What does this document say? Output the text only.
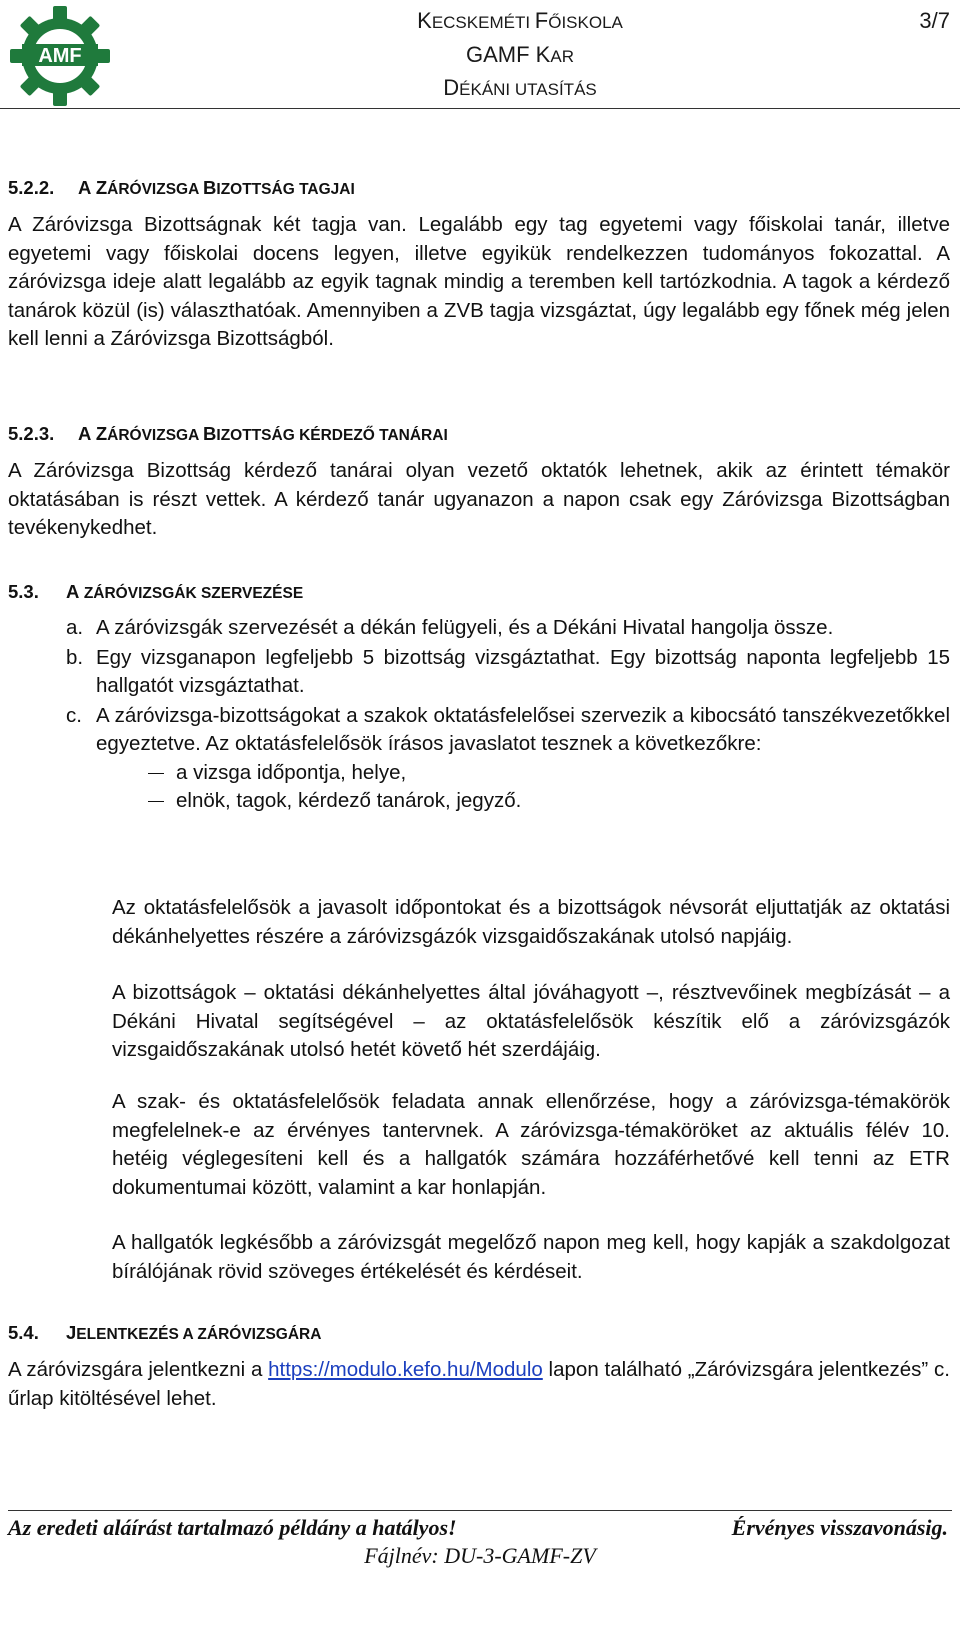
AMF
KECSKEMÉTI FŐISKOLA
GAMF KAR
DÉKÁNI UTASÍTÁS
3/7
5.2.2. A ZÁRÓVIZSGA BIZOTTSÁG TAGJAI
A Záróvizsga Bizottságnak két tagja van. Legalább egy tag egyetemi vagy főiskolai tanár, illetve egyetemi vagy főiskolai docens legyen, illetve egyikük rendelkezzen tudományos fokozattal. A záróvizsga ideje alatt legalább az egyik tagnak mindig a teremben kell tartózkodnia. A tagok a kérdező tanárok közül (is) választhatóak. Amennyiben a ZVB tagja vizsgáztat, úgy legalább egy főnek még jelen kell lenni a Záróvizsga Bizottságból.
5.2.3. A ZÁRÓVIZSGA BIZOTTSÁG KÉRDEZŐ TANÁRAI
A Záróvizsga Bizottság kérdező tanárai olyan vezető oktatók lehetnek, akik az érintett témakör oktatásában is részt vettek. A kérdező tanár ugyanazon a napon csak egy Záróvizsga Bizottságban tevékenykedhet.
5.3. A ZÁRÓVIZSGÁK SZERVEZÉSE
a. A záróvizsgák szervezését a dékán felügyeli, és a Dékáni Hivatal hangolja össze.
b. Egy vizsganapon legfeljebb 5 bizottság vizsgáztathat. Egy bizottság naponta legfeljebb 15 hallgatót vizsgáztathat.
c. A záróvizsga-bizottságokat a szakok oktatásfelelősei szervezik a kibocsátó tanszékvezetőkkel egyeztetve. Az oktatásfelelősök írásos javaslatot tesznek a következőkre:
a vizsga időpontja, helye,
elnök, tagok, kérdező tanárok, jegyző.
Az oktatásfelelősök a javasolt időpontokat és a bizottságok névsorát eljuttatják az oktatási dékánhelyettes részére a záróvizsgázók vizsgaidőszakának utolsó napjáig.
A bizottságok – oktatási dékánhelyettes által jóváhagyott –, résztvevőinek megbízását – a Dékáni Hivatal segítségével – az oktatásfelelősök készítik elő a záróvizsgázók vizsgaidőszakának utolsó hetét követő hét szerdájáig.
A szak- és oktatásfelelősök feladata annak ellenőrzése, hogy a záróvizsga-témakörök megfelelnek-e az érvényes tantervnek. A záróvizsga-témaköröket az aktuális félév 10. hetéig véglegesíteni kell és a hallgatók számára hozzáférhetővé kell tenni az ETR dokumentumai között, valamint a kar honlapján.
A hallgatók legkésőbb a záróvizsgát megelőző napon meg kell, hogy kapják a szakdolgozat bírálójának rövid szöveges értékelését és kérdéseit.
5.4. JELENTKEZÉS A ZÁRÓVIZSGÁRA
A záróvizsgára jelentkezni a https://modulo.kefo.hu/Modulo lapon található „Záróvizsgára jelentkezés” c. űrlap kitöltésével lehet.
Az eredeti aláírást tartalmazó példány a hatályos!	Érvényes visszavonásig.
Fájlnév: DU-3-GAMF-ZV
